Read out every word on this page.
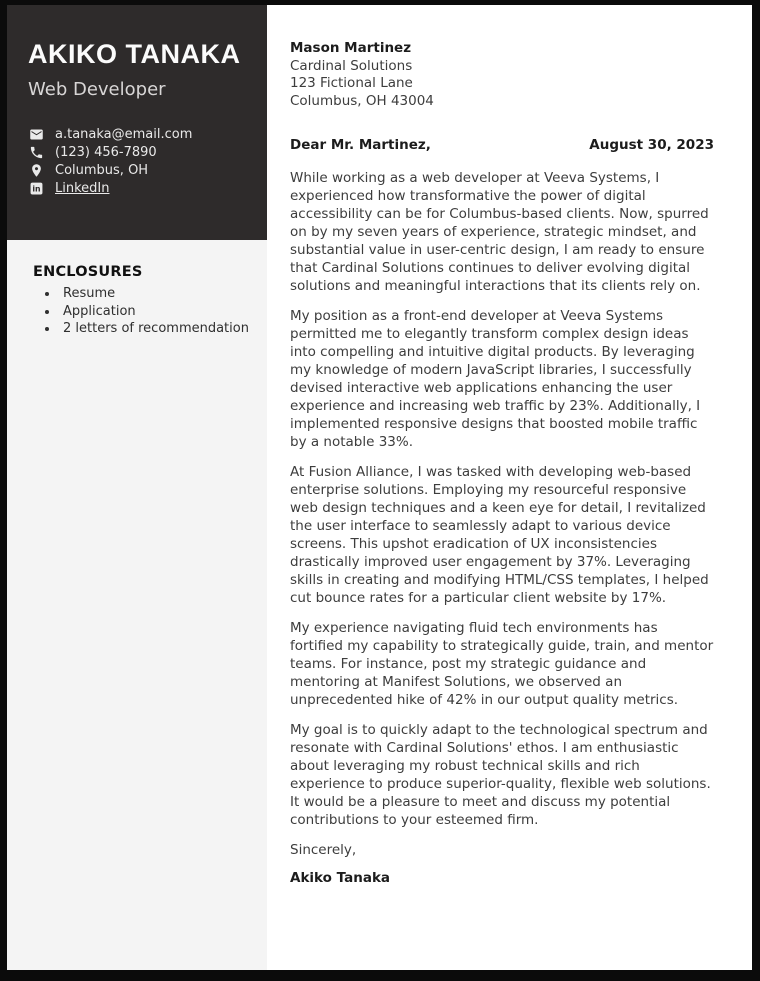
AKIKO TANAKA
Web Developer
a.tanaka@email.com
(123) 456-7890
Columbus, OH
in LinkedIn
ENCLOSURES
• Resume
• Application
• 2 letters of recommendation
Mason Martinez
Cardinal Solutions
123 Fictional Lane
Columbus, OH 43004
Dear Mr. Martinez,	August 30, 2023

While working as a web developer at Veeva Systems, I experienced how transformative the power of digital accessibility can be for Columbus-based clients. Now, spurred on by my seven years of experience, strategic mindset, and substantial value in user-centric design, I am ready to ensure that Cardinal Solutions continues to deliver evolving digital solutions and meaningful interactions that its clients rely on.

My position as a front-end developer at Veeva Systems permitted me to elegantly transform complex design ideas into compelling and intuitive digital products. By leveraging my knowledge of modern JavaScript libraries, I successfully devised interactive web applications enhancing the user experience and increasing web traffic by 23%. Additionally, I implemented responsive designs that boosted mobile traffic by a notable 33%.

At Fusion Alliance, I was tasked with developing web-based enterprise solutions. Employing my resourceful responsive web design techniques and a keen eye for detail, I revitalized the user interface to seamlessly adapt to various device screens. This upshot eradication of UX inconsistencies drastically improved user engagement by 37%. Leveraging skills in creating and modifying HTML/CSS templates, I helped cut bounce rates for a particular client website by 17%.

My experience navigating fluid tech environments has fortified my capability to strategically guide, train, and mentor teams. For instance, post my strategic guidance and mentoring at Manifest Solutions, we observed an unprecedented hike of 42% in our output quality metrics.

My goal is to quickly adapt to the technological spectrum and resonate with Cardinal Solutions' ethos. I am enthusiastic about leveraging my robust technical skills and rich experience to produce superior-quality, flexible web solutions. It would be a pleasure to meet and discuss my potential contributions to your esteemed firm.

Sincerely,

Akiko Tanaka
